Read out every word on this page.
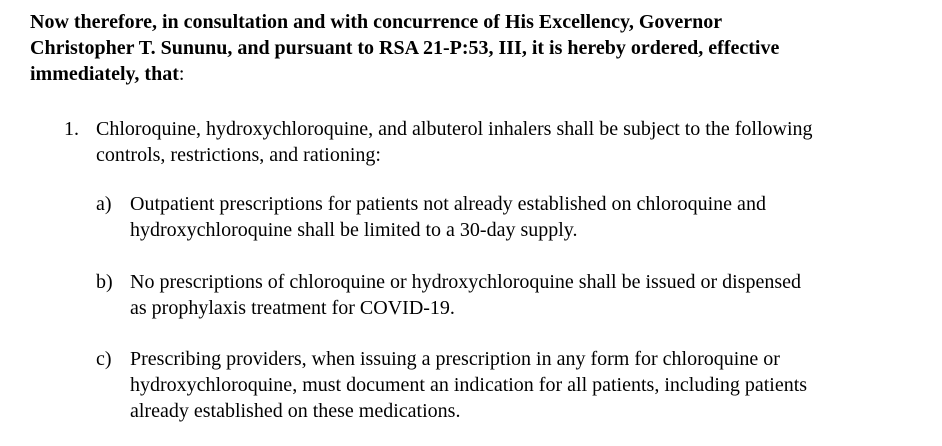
Now therefore, in consultation and with concurrence of His Excellency, Governor
Christopher T. Sununu, and pursuant to RSA 21-P:53, III, it is hereby ordered, effective
immediately, that:

1. Chloroquine, hydroxychloroquine, and albuterol inhalers shall be subject to the following
controls, restrictions, and rationing:

a) Outpatient prescriptions for patients not already established on chloroquine and
hydroxychloroquine shall be limited to a 30-day supply.

b) No prescriptions of chloroquine or hydroxychloroquine shall be issued or dispensed
as prophylaxis treatment for COVID-19.

c) Prescribing providers, when issuing a prescription in any form for chloroquine or
hydroxychloroquine, must document an indication for all patients, including patients
already established on these medications.
